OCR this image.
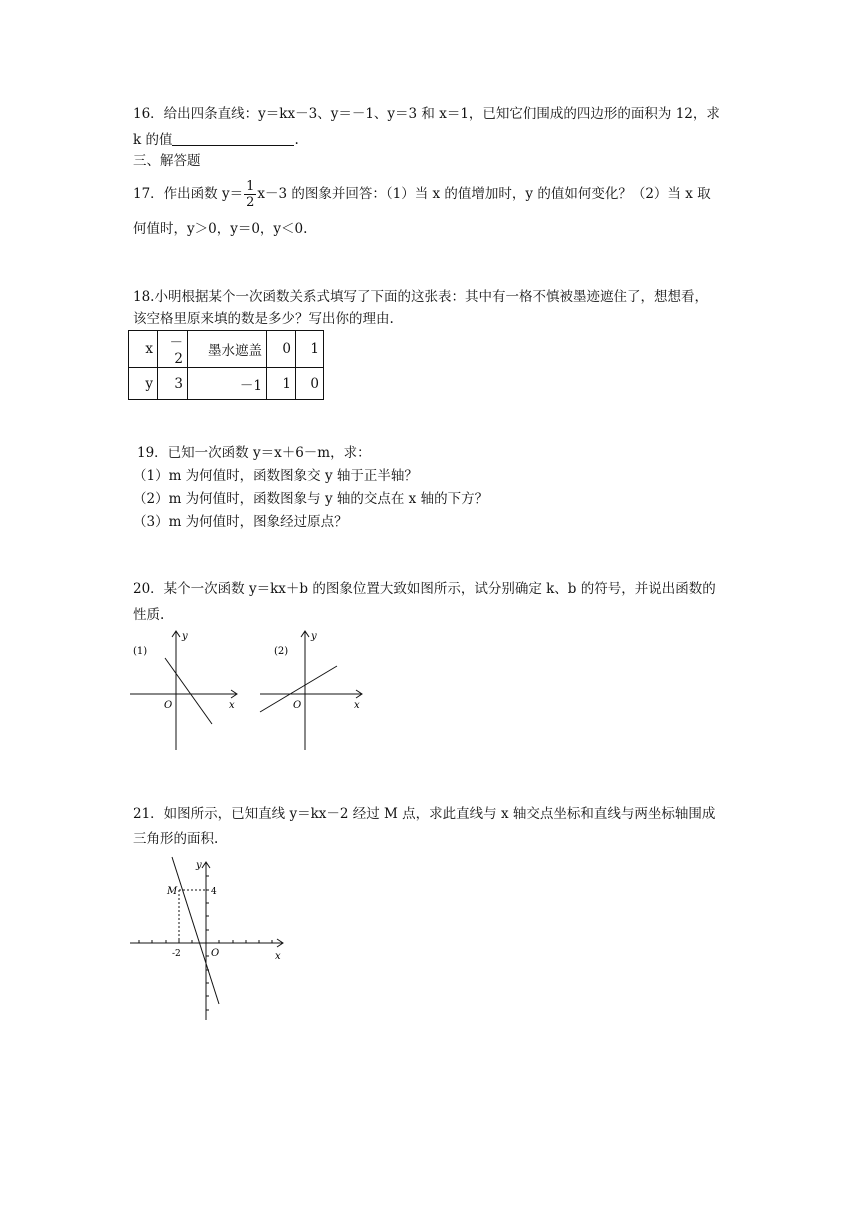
16．给出四条直线：y＝kx－3、y＝－1、y＝3 和 x＝1，已知它们围成的四边形的面积为 12，求
k 的值	.
三、解答题
17．作出函数 $y= \frac{1}{2} x-3$ 的图象并回答：（1）当 x 的值增加时，y 的值如何变化？（2）当 x 取
何值时，y＞0，y＝0，y＜0.
18.小明根据某个一次函数关系式填写了下面的这张表：其中有一格不慎被墨迹遮住了，想想看，
该空格里原来填的数是多少？写出你的理由.
x	－2	墨水遮盖	0	1
y	3	－1	1	0
19．已知一次函数 y＝x＋6－m，求：
（1）m 为何值时，函数图象交 y 轴于正半轴？
（2）m 为何值时，函数图象与 y 轴的交点在 x 轴的下方？
（3）m 为何值时，图象经过原点？
20．某个一次函数 y＝kx＋b 的图象位置大致如图所示，试分别确定 k、b 的符号，并说出函数的
性质.
(1)
y
x
O
(2)
y
x
O
21．如图所示，已知直线 y＝kx－2 经过 M 点，求此直线与 x 轴交点坐标和直线与两坐标轴围成
三角形的面积.
M	4
-2	O	x
y
